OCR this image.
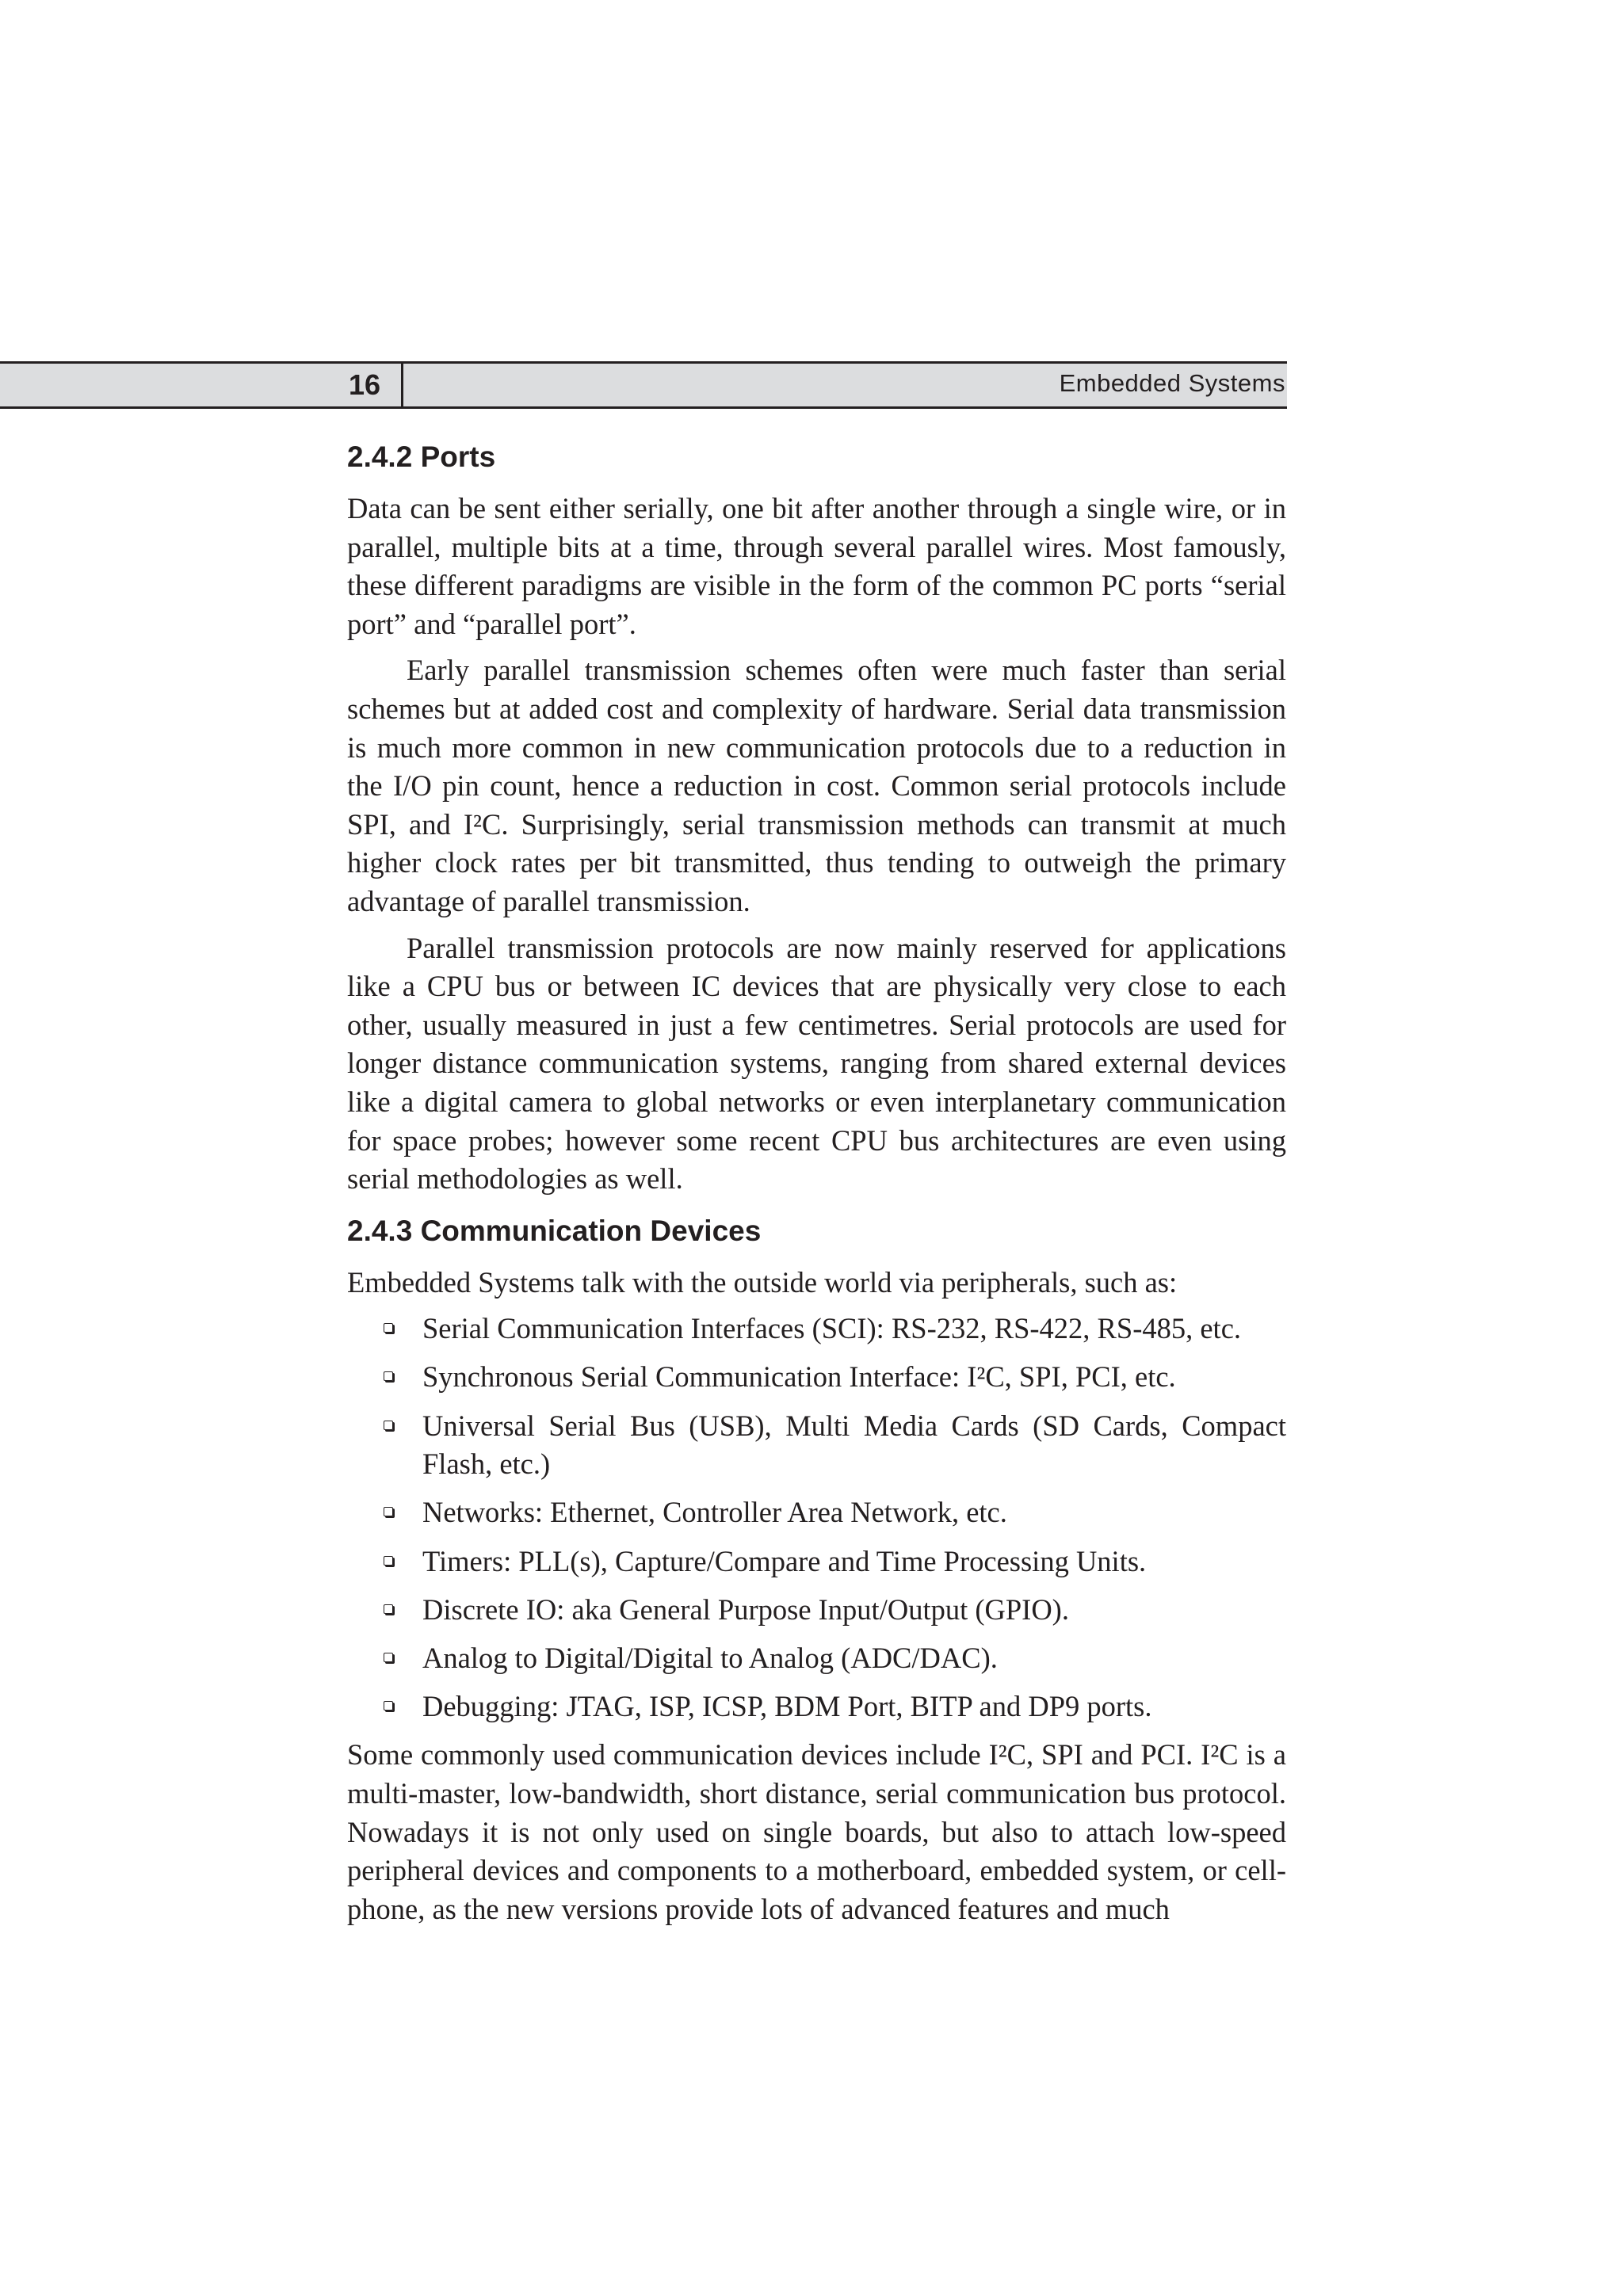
16	Embedded Systems
2.4.2 Ports

Data can be sent either serially, one bit after another through a single wire, or in parallel, multiple bits at a time, through several parallel wires. Most famously, these different paradigms are visible in the form of the common PC ports “serial port” and “parallel port”.

Early parallel transmission schemes often were much faster than serial schemes but at added cost and complexity of hardware. Serial data transmission is much more common in new communication protocols due to a reduction in the I/O pin count, hence a reduction in cost. Common serial protocols include SPI, and I²C. Surprisingly, serial transmission methods can transmit at much higher clock rates per bit transmitted, thus tending to outweigh the primary advantage of parallel transmission.

Parallel transmission protocols are now mainly reserved for applications like a CPU bus or between IC devices that are physically very close to each other, usually measured in just a few centimetres. Serial protocols are used for longer distance communication systems, ranging from shared external devices like a digital camera to global networks or even interplanetary communication for space probes; however some recent CPU bus architectures are even using serial methodologies as well.

2.4.3 Communication Devices

Embedded Systems talk with the outside world via peripherals, such as:

Serial Communication Interfaces (SCI): RS-232, RS-422, RS-485, etc.
Synchronous Serial Communication Interface: I²C, SPI, PCI, etc.
Universal Serial Bus (USB), Multi Media Cards (SD Cards, Compact Flash, etc.)
Networks: Ethernet, Controller Area Network, etc.
Timers: PLL(s), Capture/Compare and Time Processing Units.
Discrete IO: aka General Purpose Input/Output (GPIO).
Analog to Digital/Digital to Analog (ADC/DAC).
Debugging: JTAG, ISP, ICSP, BDM Port, BITP and DP9 ports.

Some commonly used communication devices include I²C, SPI and PCI. I²C is a multi-master, low-bandwidth, short distance, serial communication bus protocol. Nowadays it is not only used on single boards, but also to attach low-speed peripheral devices and components to a motherboard, embedded system, or cell-phone, as the new versions provide lots of advanced features and much
